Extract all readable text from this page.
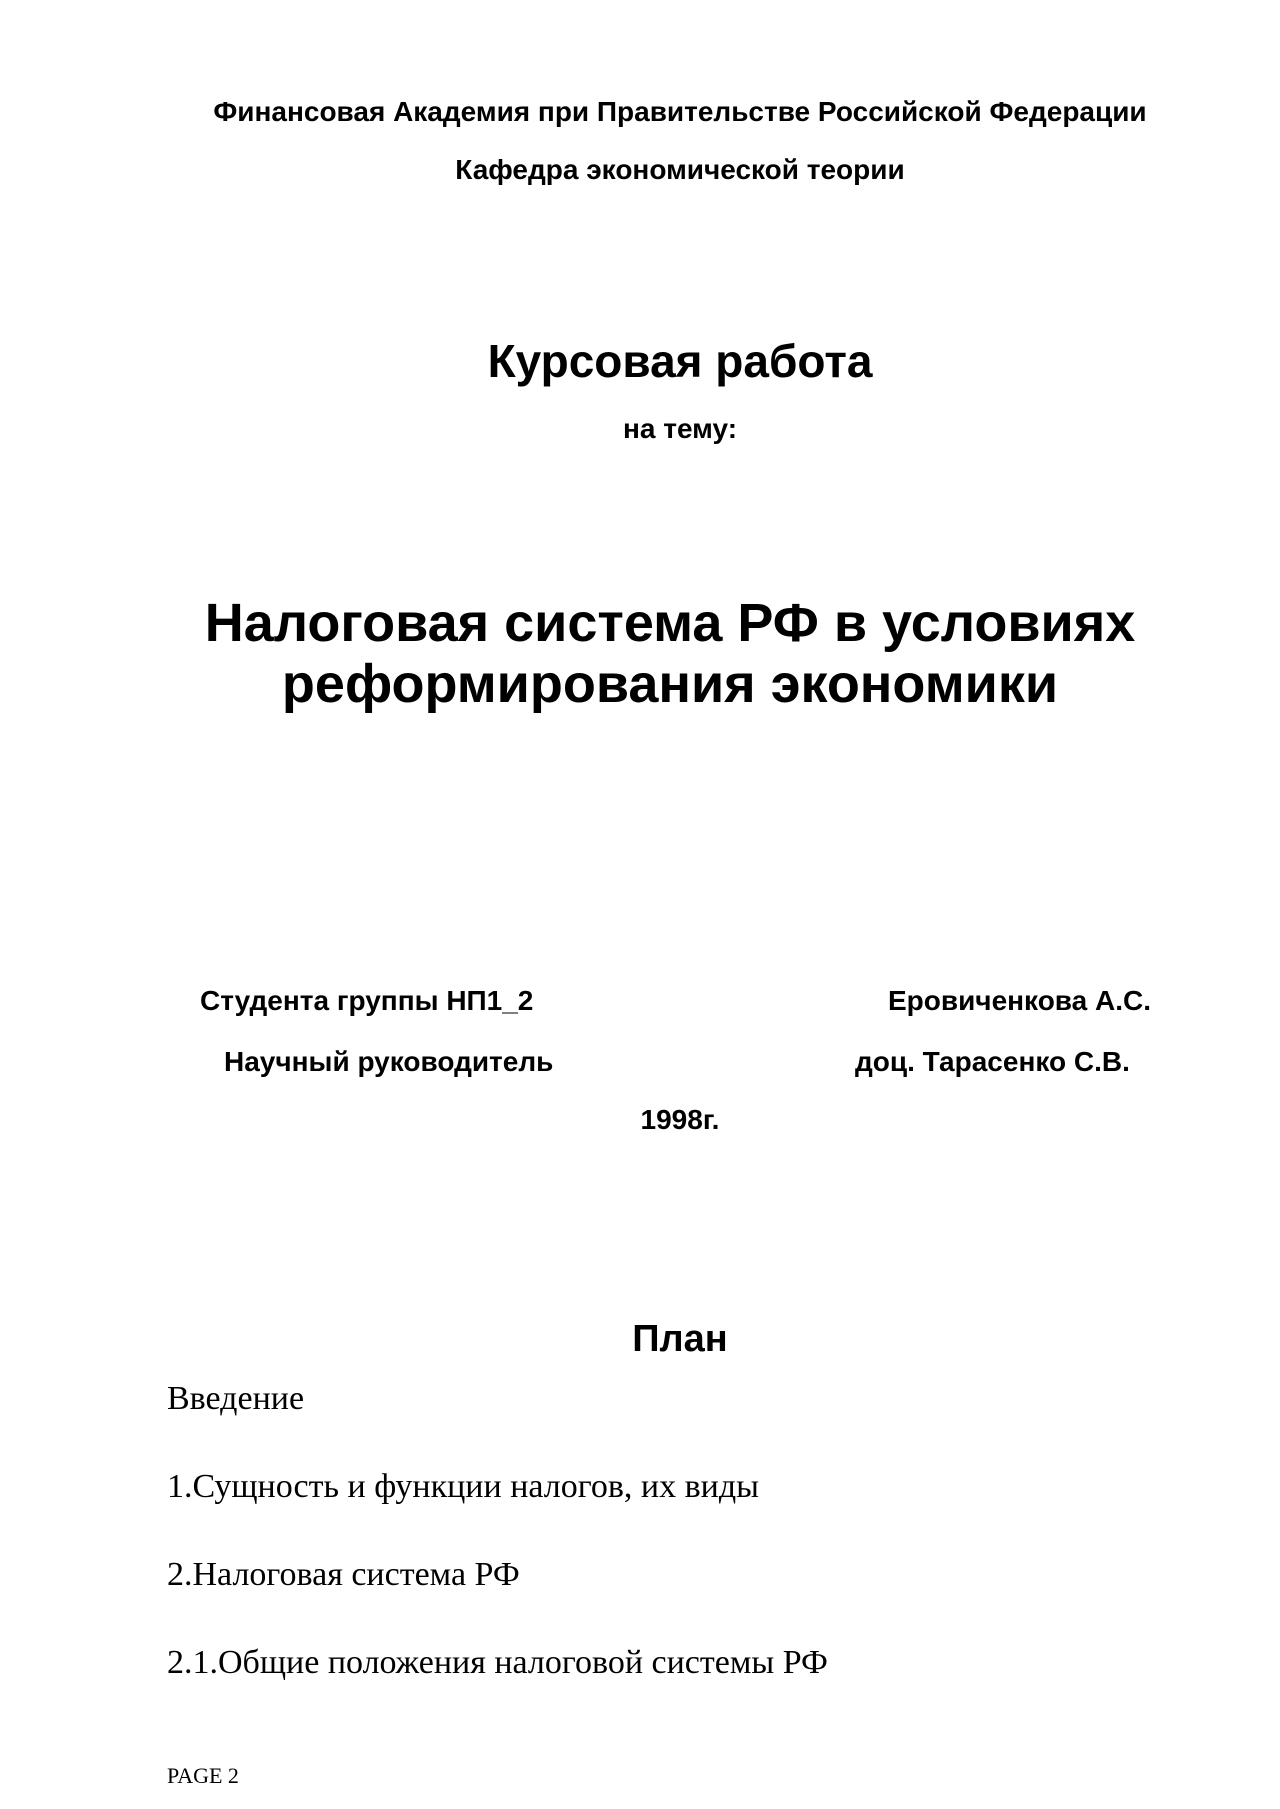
Финансовая Академия при Правительстве Российской Федерации
Кафедра экономической теории
Курсовая работа
на тему:
Налоговая система РФ в условиях
реформирования экономики
Студента группы НП1_2	Еровиченкова А.С.
Научный руководитель	доц. Тарасенко С.В.
1998г.
План
Введение
1.Сущность и функции налогов, их виды
2.Налоговая система РФ
2.1.Общие положения налоговой системы РФ
PAGE 2
